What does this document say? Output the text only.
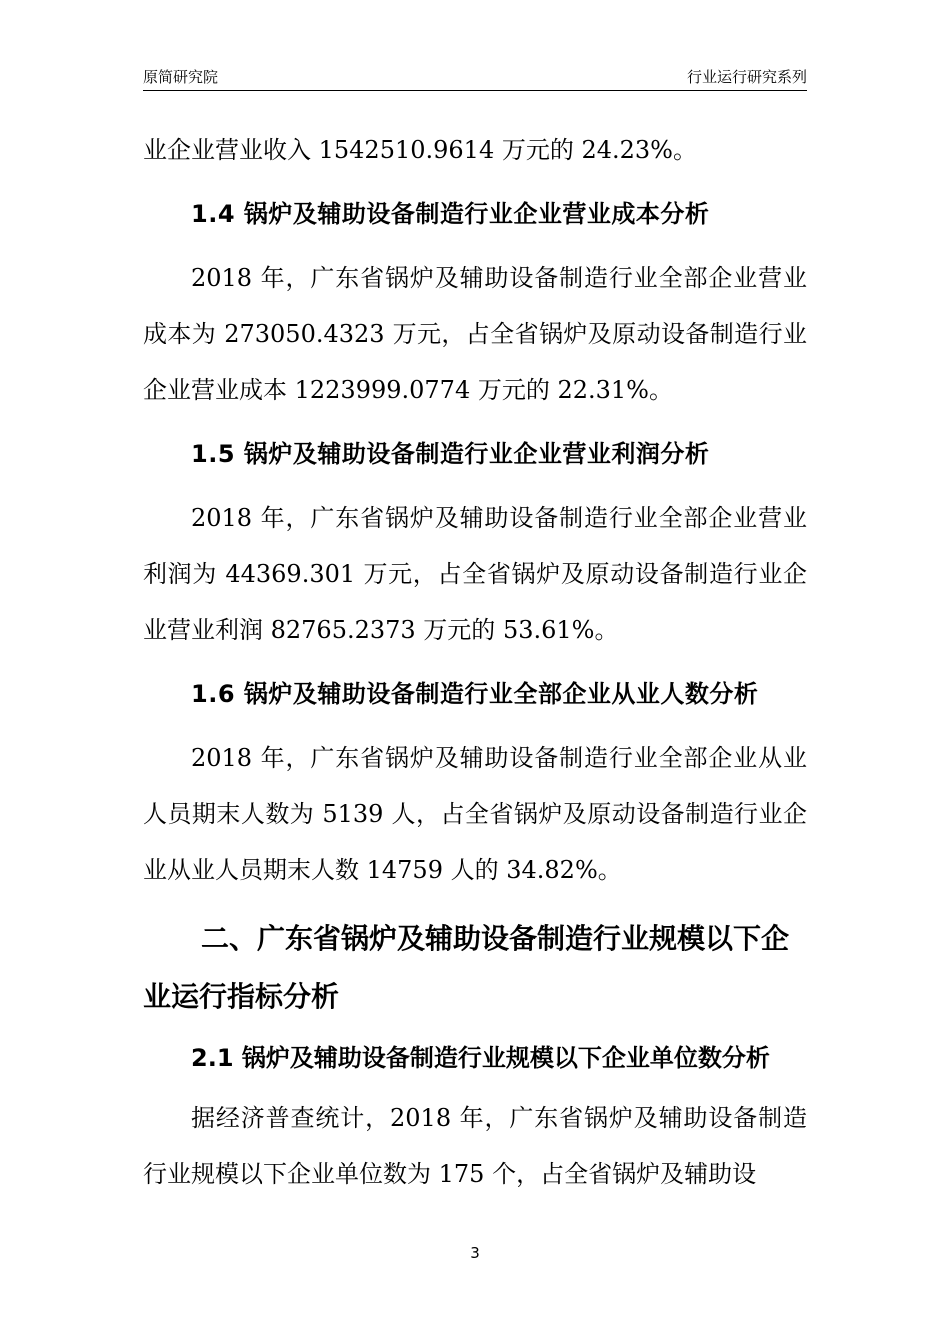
原简研究院	行业运行研究系列

业企业营业收入 1542510.9614 万元的 24.23%。

1.4 锅炉及辅助设备制造行业企业营业成本分析

2018 年，广东省锅炉及辅助设备制造行业全部企业营业成本为 273050.4323 万元，占全省锅炉及原动设备制造行业企业营业成本 1223999.0774 万元的 22.31%。

1.5 锅炉及辅助设备制造行业企业营业利润分析

2018 年，广东省锅炉及辅助设备制造行业全部企业营业利润为 44369.301 万元，占全省锅炉及原动设备制造行业企业营业利润 82765.2373 万元的 53.61%。

1.6 锅炉及辅助设备制造行业全部企业从业人数分析

2018 年，广东省锅炉及辅助设备制造行业全部企业从业人员期末人数为 5139 人，占全省锅炉及原动设备制造行业企业从业人员期末人数 14759 人的 34.82%。

二、广东省锅炉及辅助设备制造行业规模以下企业运行指标分析

2.1 锅炉及辅助设备制造行业规模以下企业单位数分析

据经济普查统计，2018 年，广东省锅炉及辅助设备制造行业规模以下企业单位数为 175 个，占全省锅炉及辅助设

3
